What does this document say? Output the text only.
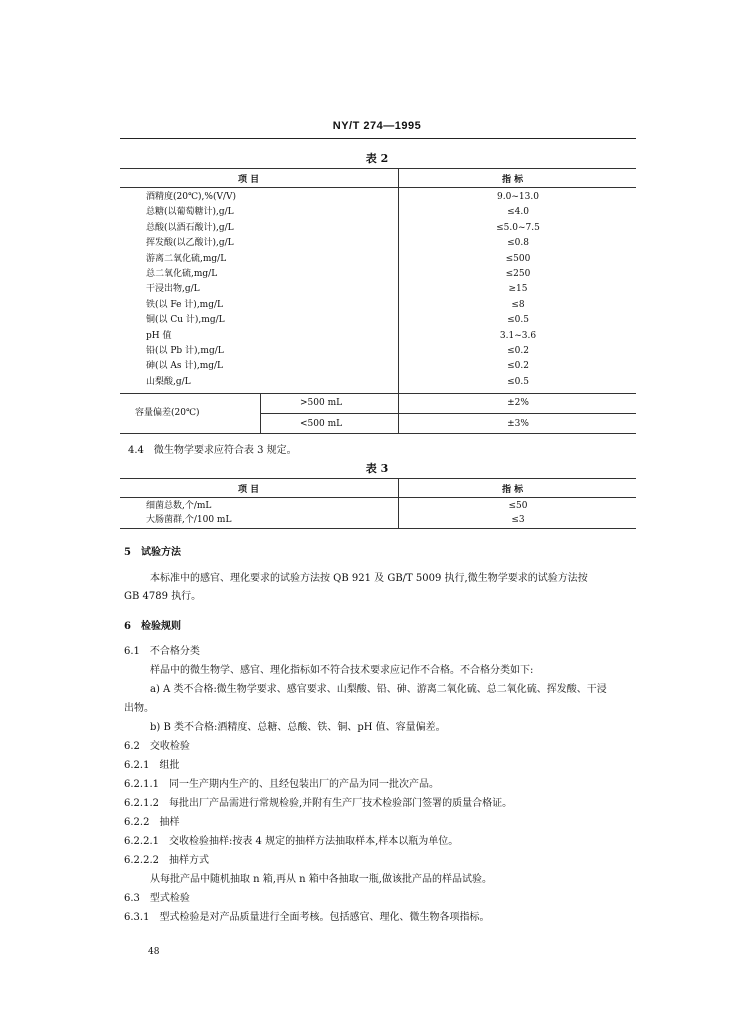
NY/T 274—1995
表 2
项 目	指 标
酒精度(20℃),%(V/V)	9.0~13.0
总糖(以葡萄糖计),g/L	≤4.0
总酸(以酒石酸计),g/L	≤5.0~7.5
挥发酸(以乙酸计),g/L	≤0.8
游离二氧化硫,mg/L	≤500
总二氧化硫,mg/L	≤250
干浸出物,g/L	≥15
铁(以 Fe 计),mg/L	≤8
铜(以 Cu 计),mg/L	≤0.5
pH 值	3.1~3.6
铅(以 Pb 计),mg/L	≤0.2
砷(以 As 计),mg/L	≤0.2
山梨酸,g/L	≤0.5
容量偏差(20℃)
>500 mL	±2%
<500 mL	±3%
4.4　微生物学要求应符合表 3 规定。
表 3
项 目	指 标
细菌总数,个/mL	≤50
大肠菌群,个/100 mL	≤3
5　试验方法
本标准中的感官、理化要求的试验方法按 QB 921 及 GB/T 5009 执行,微生物学要求的试验方法按
GB 4789 执行。
6　检验规则
6.1　不合格分类
样品中的微生物学、感官、理化指标如不符合技术要求应记作不合格。不合格分类如下:
a) A 类不合格:微生物学要求、感官要求、山梨酸、铅、砷、游离二氧化硫、总二氧化硫、挥发酸、干浸
出物。
b) B 类不合格:酒精度、总糖、总酸、铁、铜、pH 值、容量偏差。
6.2　交收检验
6.2.1　组批
6.2.1.1　同一生产期内生产的、且经包装出厂的产品为同一批次产品。
6.2.1.2　每批出厂产品需进行常规检验,并附有生产厂技术检验部门签署的质量合格证。
6.2.2　抽样
6.2.2.1　交收检验抽样:按表 4 规定的抽样方法抽取样本,样本以瓶为单位。
6.2.2.2　抽样方式
从每批产品中随机抽取 n 箱,再从 n 箱中各抽取一瓶,做该批产品的样品试验。
6.3　型式检验
6.3.1　型式检验是对产品质量进行全面考核。包括感官、理化、微生物各项指标。
48
